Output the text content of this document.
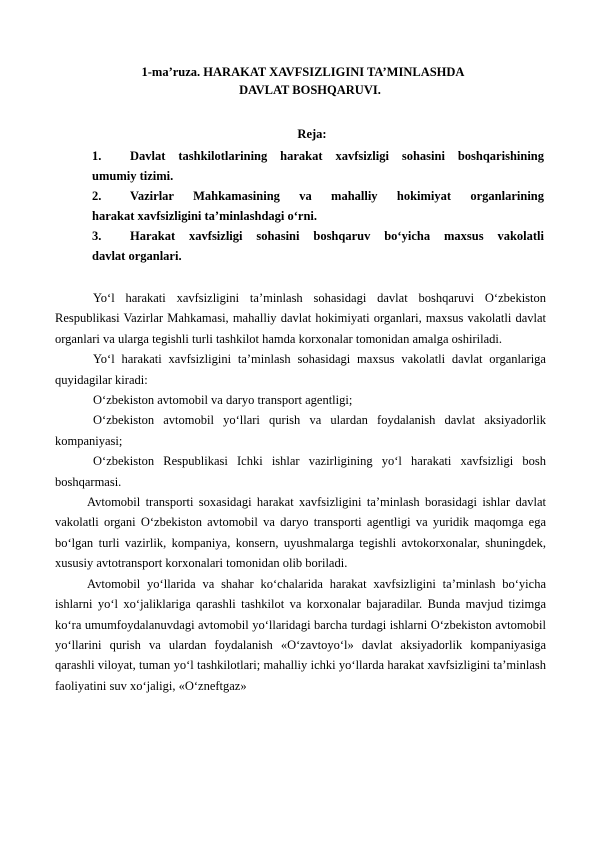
1-ma’ruza. HARAKAT XAVFSIZLIGINI TA’MINLASHDA
DAVLAT BOSHQARUVI.
Reja:
1. Davlat tashkilotlarining harakat xavfsizligi sohasini boshqarishining
umumiy tizimi.
2. Vazirlar Mahkamasining va mahalliy hokimiyat organlarining
harakat xavfsizligini ta’minlashdagi o‘rni.
3. Harakat xavfsizligi sohasini boshqaruv bo‘yicha maxsus vakolatli
davlat organlari.

Yo‘l harakati xavfsizligini ta’minlash sohasidagi davlat boshqaruvi O‘zbekiston Respublikasi Vazirlar Mahkamasi, mahalliy davlat hokimiyati organlari, maxsus vakolatli davlat organlari va ularga tegishli turli tashkilot hamda korxonalar tomonidan amalga oshiriladi.

Yo‘l harakati xavfsizligini ta’minlash sohasidagi maxsus vakolatli davlat organlariga quyidagilar kiradi:

O‘zbekiston avtomobil va daryo transport agentligi;

O‘zbekiston avtomobil yo‘llari qurish va ulardan foydalanish davlat aksiyadorlik kompaniyasi;

O‘zbekiston Respublikasi Ichki ishlar vazirligining yo‘l harakati xavfsizligi bosh boshqarmasi.

Avtomobil transporti soxasidagi harakat xavfsizligini ta’minlash borasidagi ishlar davlat vakolatli organi O‘zbekiston avtomobil va daryo transporti agentligi va yuridik maqomga ega bo‘lgan turli vazirlik, kompaniya, konsern, uyushmalarga tegishli avtokorxonalar, shuningdek, xususiy avtotransport korxonalari tomonidan olib boriladi.

Avtomobil yo‘llarida va shahar ko‘chalarida harakat xavfsizligini ta’minlash bo‘yicha ishlarni yo‘l xo‘jaliklariga qarashli tashkilot va korxonalar bajaradilar. Bunda mavjud tizimga ko‘ra umumfoydalanuvdagi avtomobil yo‘llaridagi barcha turdagi ishlarni O‘zbekiston avtomobil yo‘llarini qurish va ulardan foydalanish «O‘zavtoyo‘l» davlat aksiyadorlik kompaniyasiga qarashli viloyat, tuman yo‘l tashkilotlari; mahalliy ichki yo‘llarda harakat xavfsizligini ta’minlash faoliyatini suv xo‘jaligi, «O‘zneftgaz»
